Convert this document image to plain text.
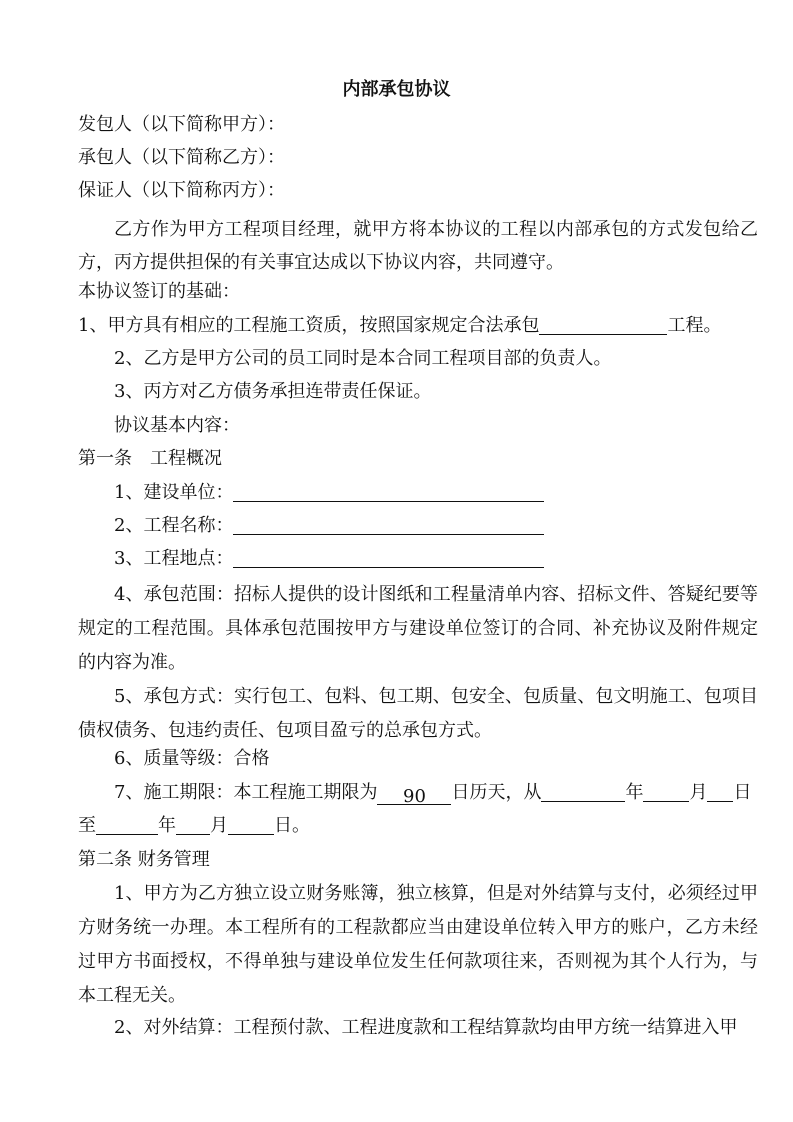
内部承包协议
发包人（以下简称甲方）：
承包人（以下简称乙方）：
保证人（以下简称丙方）：
乙方作为甲方工程项目经理，就甲方将本协议的工程以内部承包的方式发包给乙方，丙方提供担保的有关事宜达成以下协议内容，共同遵守。
本协议签订的基础：
1、甲方具有相应的工程施工资质，按照国家规定合法承包	工程。
2、乙方是甲方公司的员工同时是本合同工程项目部的负责人。
3、丙方对乙方债务承担连带责任保证。
协议基本内容：
第一条　工程概况
1、建设单位：
2、工程名称：
3、工程地点：
4、承包范围：招标人提供的设计图纸和工程量清单内容、招标文件、答疑纪要等规定的工程范围。具体承包范围按甲方与建设单位签订的合同、补充协议及附件规定的内容为准。
5、承包方式：实行包工、包料、包工期、包安全、包质量、包文明施工、包项目债权债务、包违约责任、包项目盈亏的总承包方式。
6、质量等级：合格
7、施工期限：本工程施工期限为 90 日历天，从	年	月 日
至	年 月	日。
第二条 财务管理
1、甲方为乙方独立设立财务账簿，独立核算，但是对外结算与支付，必须经过甲方财务统一办理。本工程所有的工程款都应当由建设单位转入甲方的账户，乙方未经过甲方书面授权，不得单独与建设单位发生任何款项往来，否则视为其个人行为，与本工程无关。
2、对外结算：工程预付款、工程进度款和工程结算款均由甲方统一结算进入甲
